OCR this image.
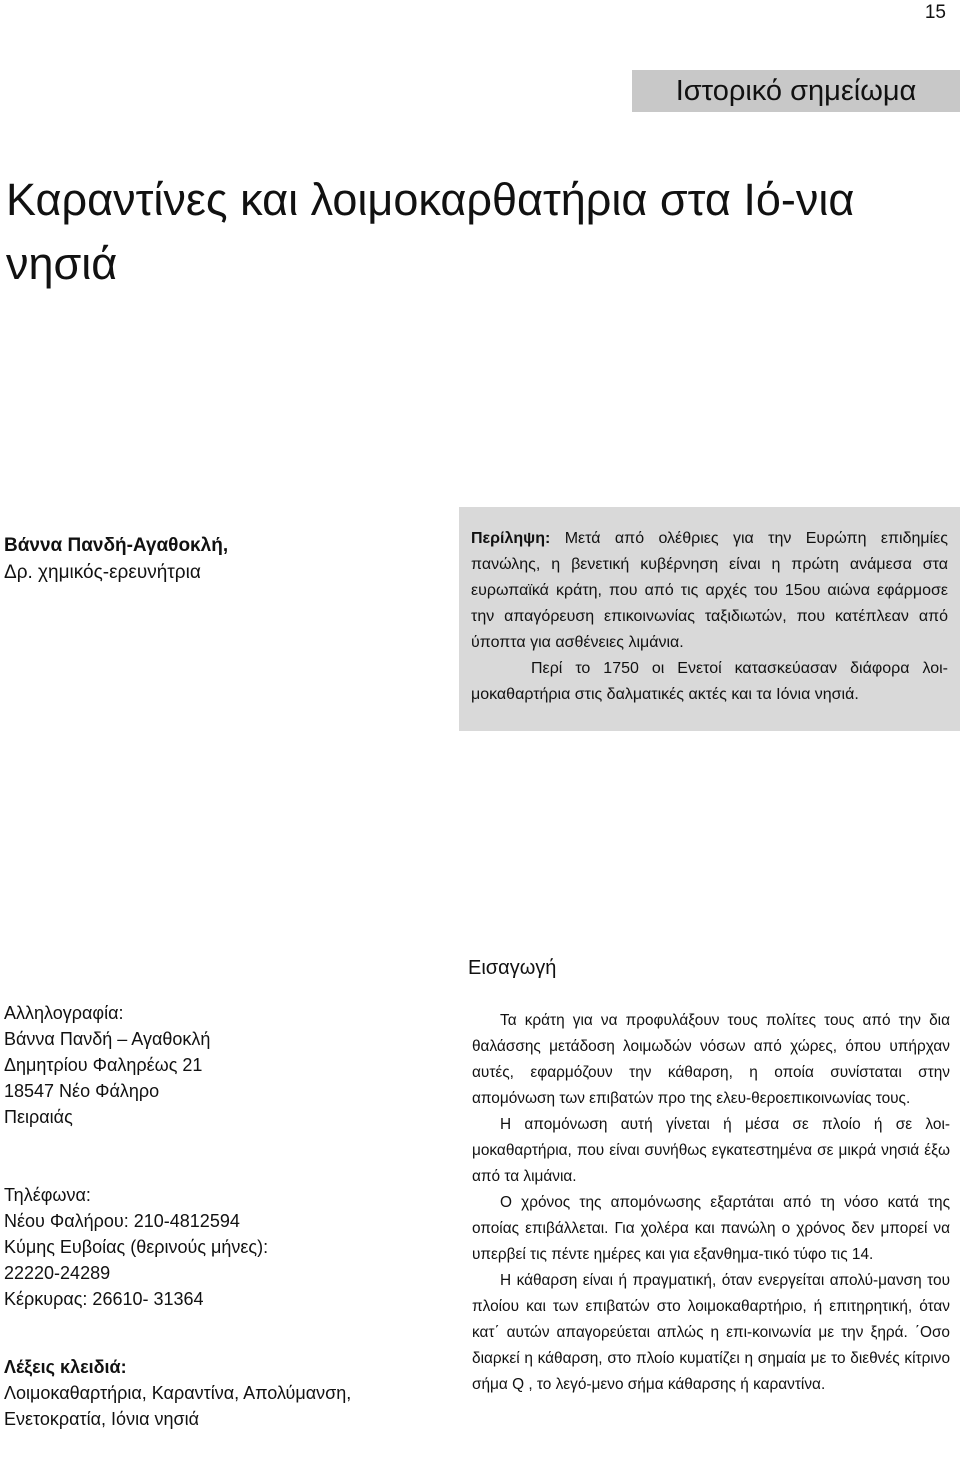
15
Ιστορικό σημείωμα
Καραντίνες και λοιμοκαρθατήρια στα Ιό-νια νησιά
Βάννα Πανδή-Αγαθοκλή,
Δρ. χημικός-ερευνήτρια

Περίληψη: Μετά από ολέθριες για την Ευρώπη επιδημίες πανώλης, η βενετική κυβέρνηση είναι η πρώτη ανάμεσα στα ευρωπαϊκά κράτη, που από τις αρχές του 15ου αιώνα εφάρμοσε την απαγόρευση επικοινωνίας ταξιδιωτών, που κατέπλεαν από ύποπτα για ασθένειες λιμάνια.

Περί το 1750 οι Ενετοί κατασκεύασαν διάφορα λοι-μοκαθαρτήρια στις δαλματικές ακτές και τα Ιόνια νησιά.

Εισαγωγή
Αλληλογραφία:
Βάννα Πανδή – Αγαθοκλή
Δημητρίου Φαληρέως 21
18547 Νέο Φάληρο
Πειραιάς
Τηλέφωνα:
Νέου Φαλήρου: 210-4812594
Κύμης Ευβοίας (θερινούς μήνες):
22220-24289
Κέρκυρας: 26610- 31364
Λέξεις κλειδιά:
Λοιμοκαθαρτήρια, Καραντίνα, Απολύμανση,
Ενετοκρατία, Ιόνια νησιά

Τα κράτη για να προφυλάξουν τους πολίτες τους από την δια θαλάσσης μετάδοση λοιμωδών νόσων από χώρες, όπου υπήρχαν αυτές, εφαρμόζουν την κάθαρση, η οποία συνίσταται στην απομόνωση των επιβατών προ της ελευ-θεροεπικοινωνίας τους.

Η απομόνωση αυτή γίνεται ή μέσα σε πλοίο ή σε λοι-μοκαθαρτήρια, που είναι συνήθως εγκατεστημένα σε μικρά νησιά έξω από τα λιμάνια.

Ο χρόνος της απομόνωσης εξαρτάται από τη νόσο κατά της οποίας επιβάλλεται. Για χολέρα και πανώλη ο χρόνος δεν μπορεί να υπερβεί τις πέντε ημέρες και για εξανθημα-τικό τύφο τις 14.

Η κάθαρση είναι ή πραγματική, όταν ενεργείται απολύ-μανση του πλοίου και των επιβατών στο λοιμοκαθαρτήριο, ή επιτηρητική, όταν κατ΄ αυτών απαγορεύεται απλώς η επι-κοινωνία με την ξηρά. ΄Οσο διαρκεί η κάθαρση, στο πλοίο κυματίζει η σημαία με το διεθνές κίτρινο σήμα Q , το λεγό-μενο σήμα κάθαρσης ή καραντίνα.
